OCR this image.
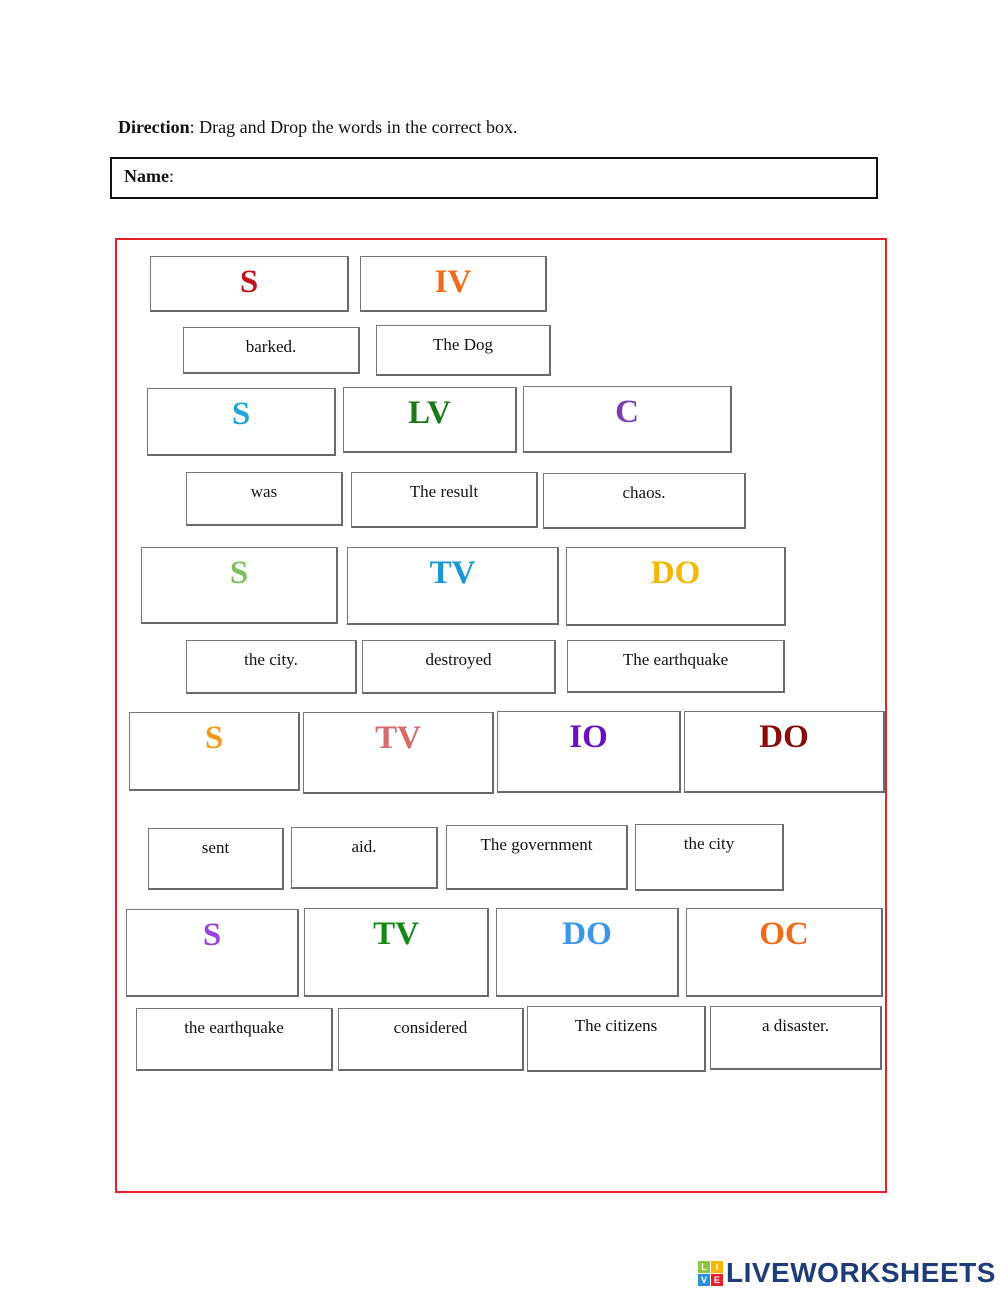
Direction: Drag and Drop the words in the correct box.
Name:
S	IV
barked.	The Dog
S	LV	C
was	The result	chaos.
S	TV	DO
the city.	destroyed	The earthquake
S	TV	IO	DO
sent	aid.	The government	the city
S	TV	DO	OC
the earthquake	considered	The citizens	a disaster.
L I
V E LIVEWORKSHEETS
